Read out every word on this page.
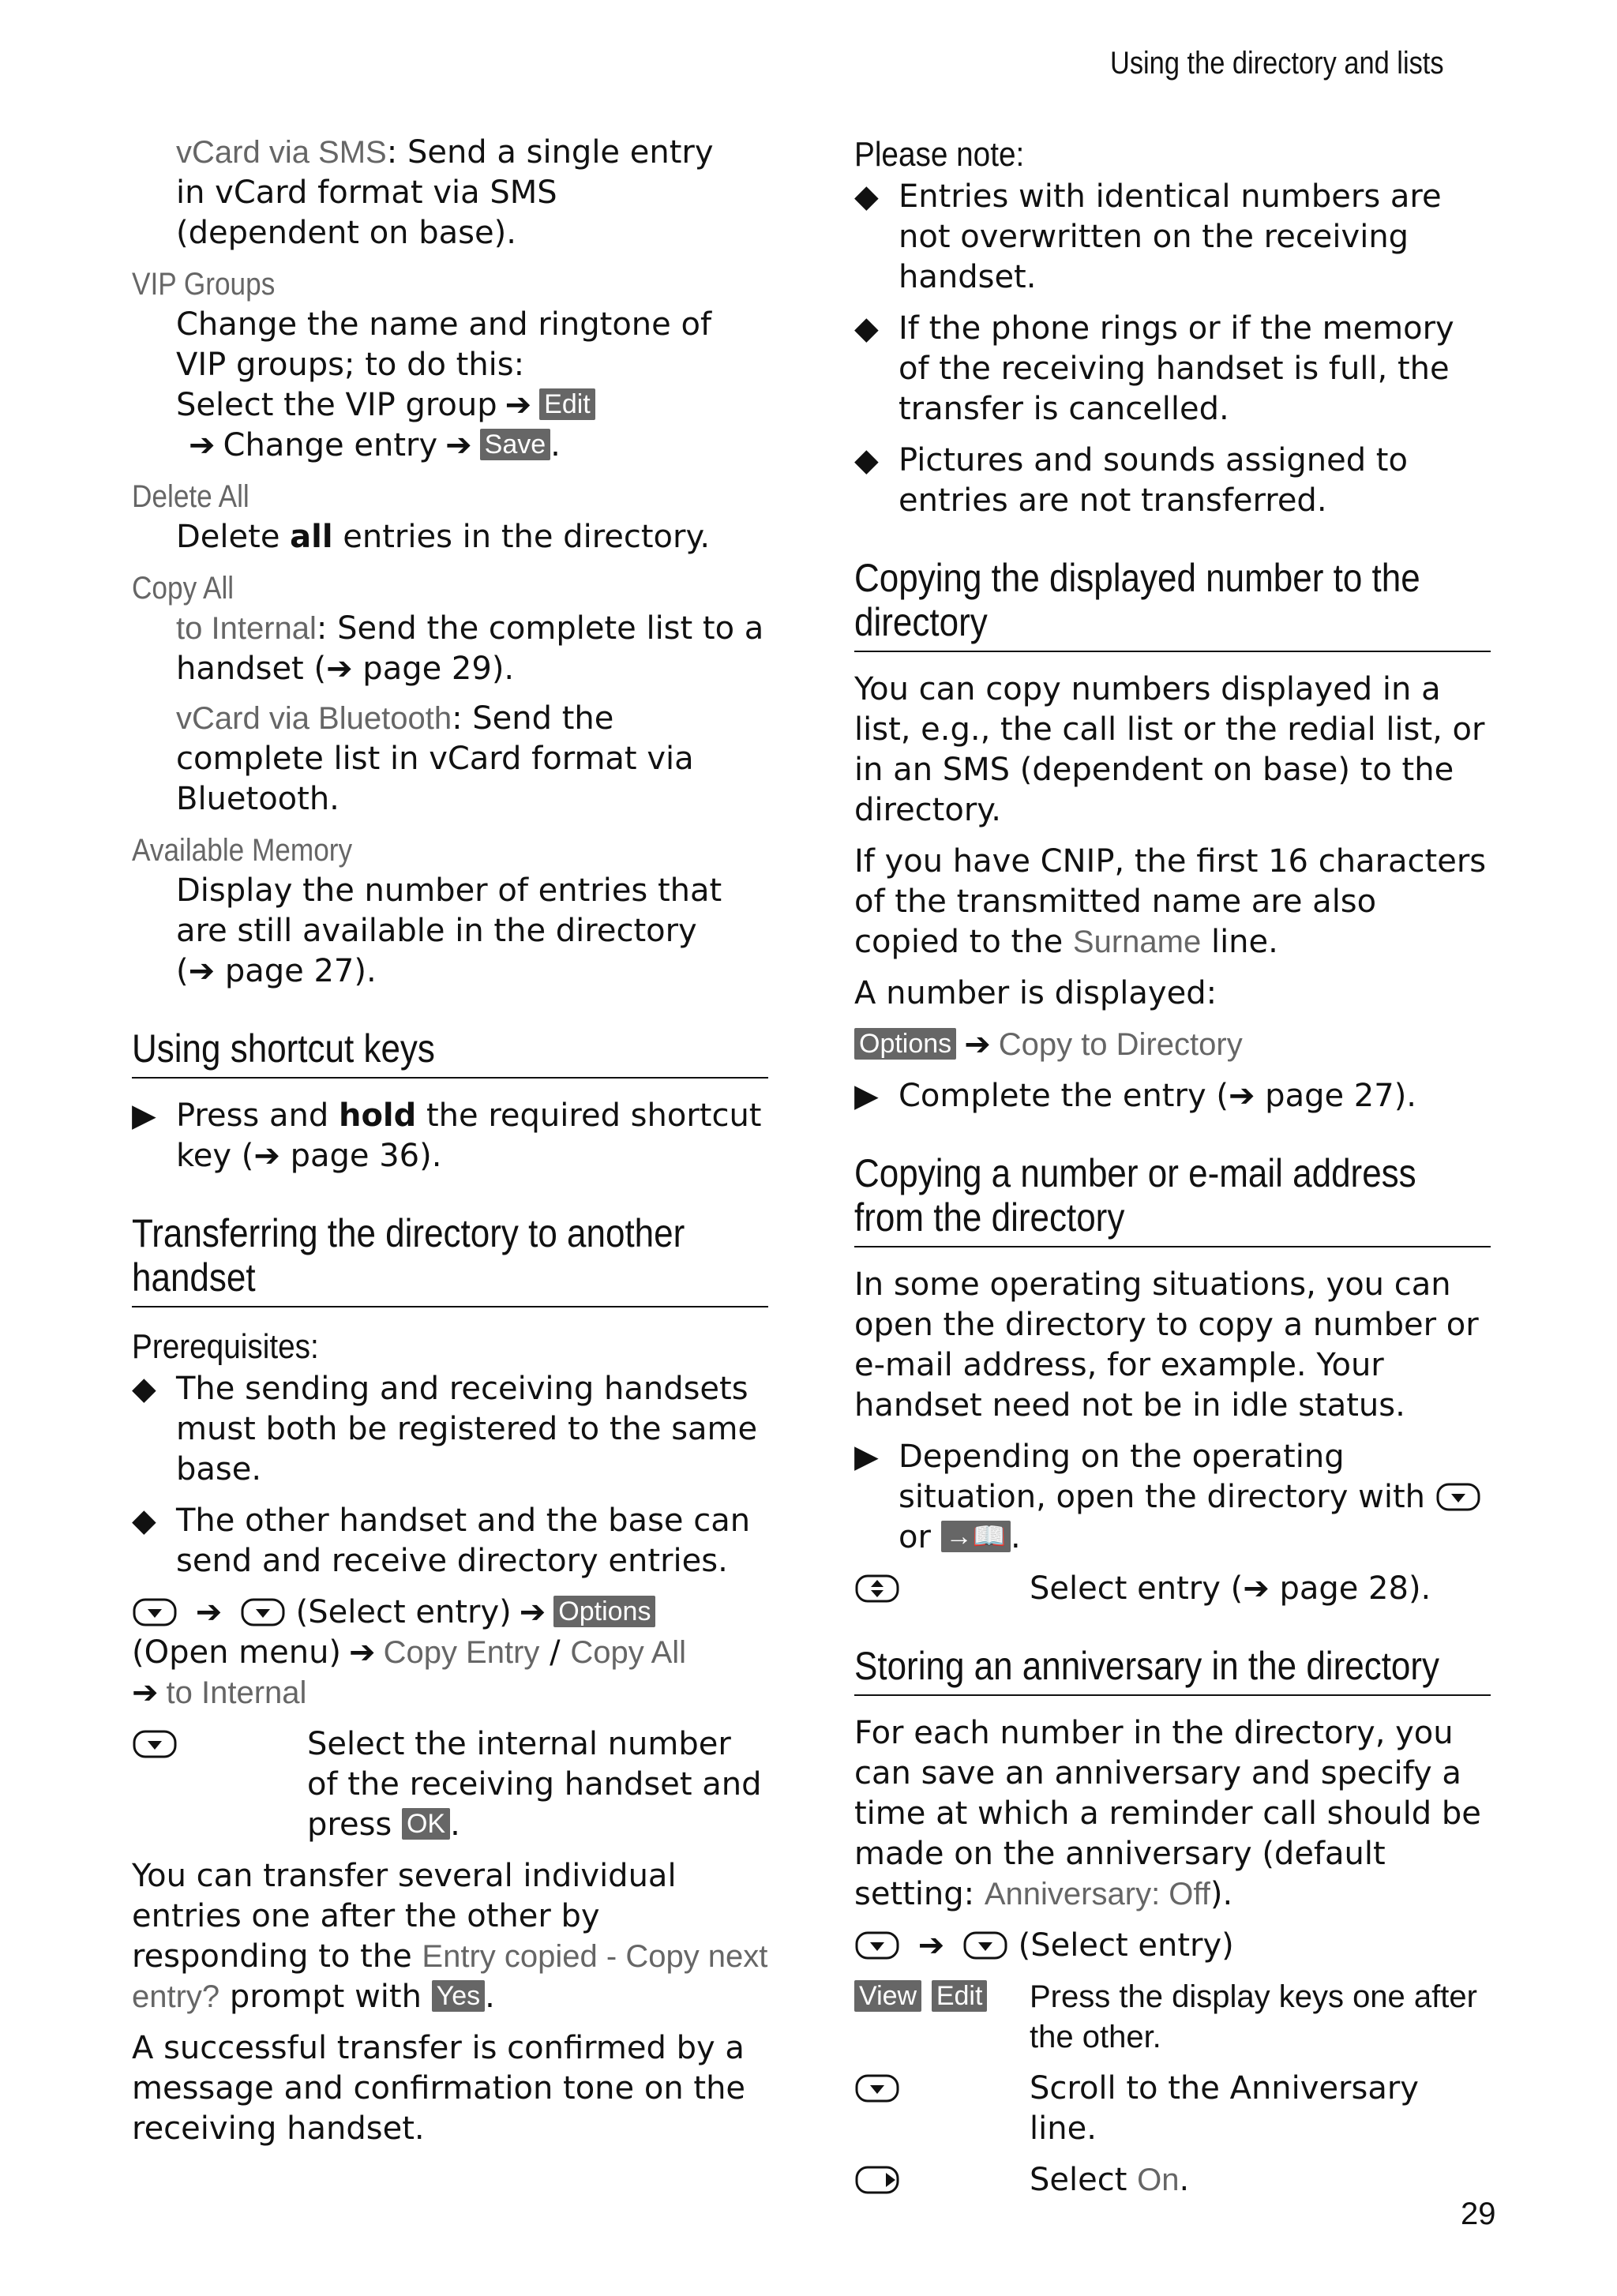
Using the directory and lists
vCard via SMS: Send a single entry in vCard format via SMS (dependent on base).
VIP Groups
Change the name and ringtone of VIP groups; to do this:
Select the VIP group ➔ Edit
➔ Change entry ➔ Save .
Delete All
Delete all entries in the directory.
Copy All
to Internal: Send the complete list to a handset (➔ page 29).
vCard via Bluetooth: Send the complete list in vCard format via Bluetooth.
Available Memory
Display the number of entries that are still available in the directory
(➔ page 27).
Using shortcut keys
▶ Press and hold the required shortcut key (➔ page 36).
Transferring the directory to another handset
Prerequisites:
◆ The sending and receiving handsets must both be registered to the same base.
◆ The other handset and the base can send and receive directory entries.
➔ (Select entry) ➔ Options
(Open menu) ➔ Copy Entry / Copy All
➔ to Internal
Select the internal number of the receiving handset and press OK .
You can transfer several individual entries one after the other by responding to the Entry copied - Copy next entry? prompt with Yes .
A successful transfer is confirmed by a message and confirmation tone on the receiving handset.
Please note:
◆ Entries with identical numbers are not overwritten on the receiving handset.
◆ If the phone rings or if the memory of the receiving handset is full, the transfer is cancelled.
◆ Pictures and sounds assigned to entries are not transferred.
Copying the displayed number to the directory
You can copy numbers displayed in a list, e.g., the call list or the redial list, or in an SMS (dependent on base) to the directory.
If you have CNIP, the first 16 characters of the transmitted name are also copied to the Surname line.
A number is displayed:
Options ➔ Copy to Directory
▶ Complete the entry (➔ page 27).
Copying a number or e-mail address from the directory
In some operating situations, you can open the directory to copy a number or e-mail address, for example. Your handset need not be in idle status.
▶ Depending on the operating situation, open the directory with  or →📖 .
Select entry (➔ page 28).
Storing an anniversary in the directory
For each number in the directory, you can save an anniversary and specify a time at which a reminder call should be made on the anniversary (default setting: Anniversary: Off).
➔ (Select entry)
View Edit	Press the display keys one after the other.
Scroll to the Anniversary line.
Select On.
29
